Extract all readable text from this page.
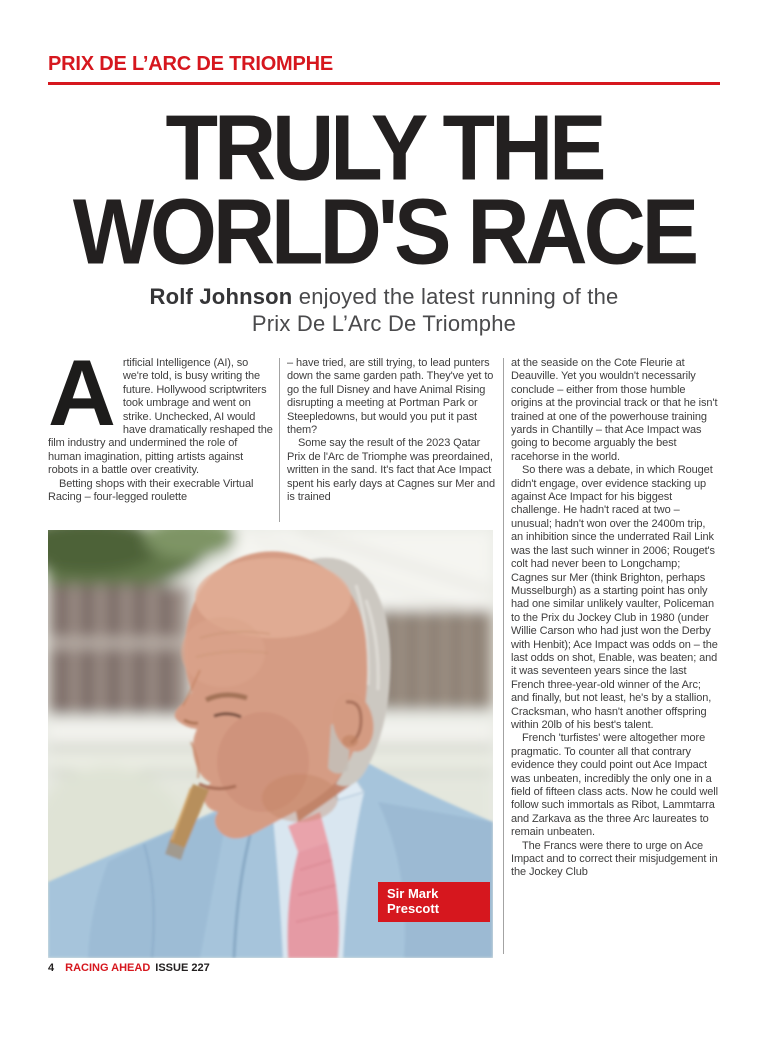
PRIX DE L’ARC DE TRIOMPHE
TRULY THE
WORLD'S RACE
Rolf Johnson enjoyed the latest running of the
Prix De L’Arc De Triomphe

Artificial Intelligence (AI), so we're told, is busy writing the future. Hollywood scriptwriters took umbrage and went on strike. Unchecked, AI would have dramatically reshaped the film industry and undermined the role of human imagination, pitting artists against robots in a battle over creativity.

Betting shops with their execrable Virtual Racing – four-legged roulette

– have tried, are still trying, to lead punters down the same garden path. They've yet to go the full Disney and have Animal Rising disrupting a meeting at Portman Park or Steepledowns, but would you put it past them?

Some say the result of the 2023 Qatar Prix de l'Arc de Triomphe was preordained, written in the sand. It's fact that Ace Impact spent his early days at Cagnes sur Mer and is trained

at the seaside on the Cote Fleurie at Deauville. Yet you wouldn't necessarily conclude – either from those humble origins at the provincial track or that he isn't trained at one of the powerhouse training yards in Chantilly – that Ace Impact was going to become arguably the best racehorse in the world.

So there was a debate, in which Rouget didn't engage, over evidence stacking up against Ace Impact for his biggest challenge. He hadn't raced at two – unusual; hadn't won over the 2400m trip, an inhibition since the underrated Rail Link was the last such winner in 2006; Rouget's colt had never been to Longchamp; Cagnes sur Mer (think Brighton, perhaps Musselburgh) as a starting point has only had one similar unlikely vaulter, Policeman to the Prix du Jockey Club in 1980 (under Willie Carson who had just won the Derby with Henbit); Ace Impact was odds on – the last odds on shot, Enable, was beaten; and it was seventeen years since the last French three-year-old winner of the Arc; and finally, but not least, he's by a stallion, Cracksman, who hasn't another offspring within 20lb of his best's talent.

French 'turfistes' were altogether more pragmatic. To counter all that contrary evidence they could point out Ace Impact was unbeaten, incredibly the only one in a field of fifteen class acts. Now he could well follow such immortals as Ribot, Lammtarra and Zarkava as the three Arc laureates to remain unbeaten.

The Francs were there to urge on Ace Impact and to correct their misjudgement in the Jockey Club

Sir Mark
Prescott
4 RACING AHEAD ISSUE 227
